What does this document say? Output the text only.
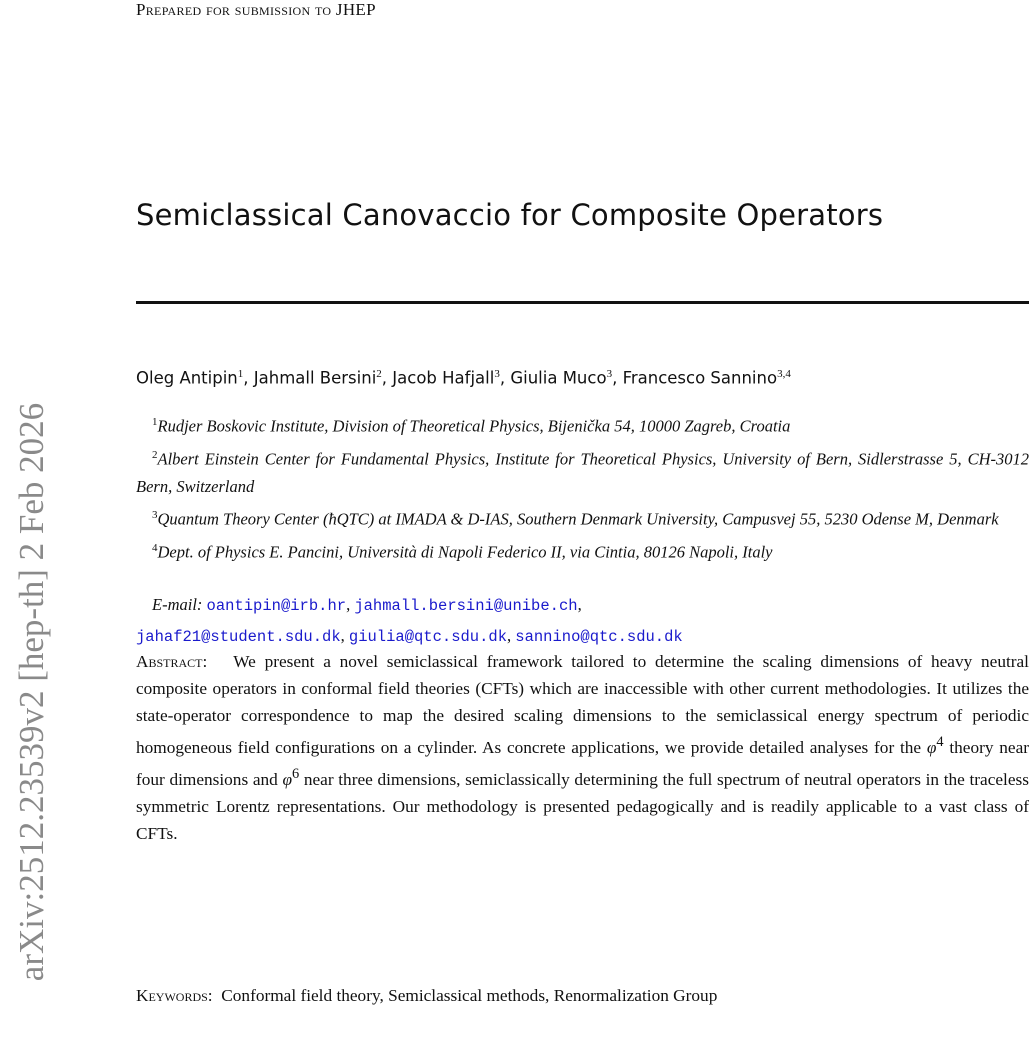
arXiv:2512.23539v2 [hep-th] 2 Feb 2026
Prepared for submission to JHEP
Semiclassical Canovaccio for Composite Operators
Oleg Antipin$^1$, Jahmall Bersini$^2$, Jacob Hafjall$^3$, Giulia Muco$^3$, Francesco Sannino$^{3,4}$
$^1$Rudjer Boskovic Institute, Division of Theoretical Physics, Bijenička 54, 10000 Zagreb, Croatia
$^2$Albert Einstein Center for Fundamental Physics, Institute for Theoretical Physics, University of Bern, Sidlerstrasse 5, CH-3012 Bern, Switzerland
$^3$Quantum Theory Center (ħQTC) at IMADA & D-IAS, Southern Denmark University, Campusvej 55, 5230 Odense M, Denmark
$^4$Dept. of Physics E. Pancini, Università di Napoli Federico II, via Cintia, 80126 Napoli, Italy
E-mail: oantipin@irb.hr, jahmall.bersini@unibe.ch,
jahaf21@student.sdu.dk, giulia@qtc.sdu.dk, sannino@qtc.sdu.dk
Abstract: We present a novel semiclassical framework tailored to determine the scaling dimensions of heavy neutral composite operators in conformal field theories (CFTs) which are inaccessible with other current methodologies. It utilizes the state-operator correspondence to map the desired scaling dimensions to the semiclassical energy spectrum of periodic homogeneous field configurations on a cylinder. As concrete applications, we provide detailed analyses for the $\varphi^4$ theory near four dimensions and $\varphi^6$ near three dimensions, semiclassically determining the full spectrum of neutral operators in the traceless symmetric Lorentz representations. Our methodology is presented pedagogically and is readily applicable to a vast class of CFTs.
Keywords: Conformal field theory, Semiclassical methods, Renormalization Group
